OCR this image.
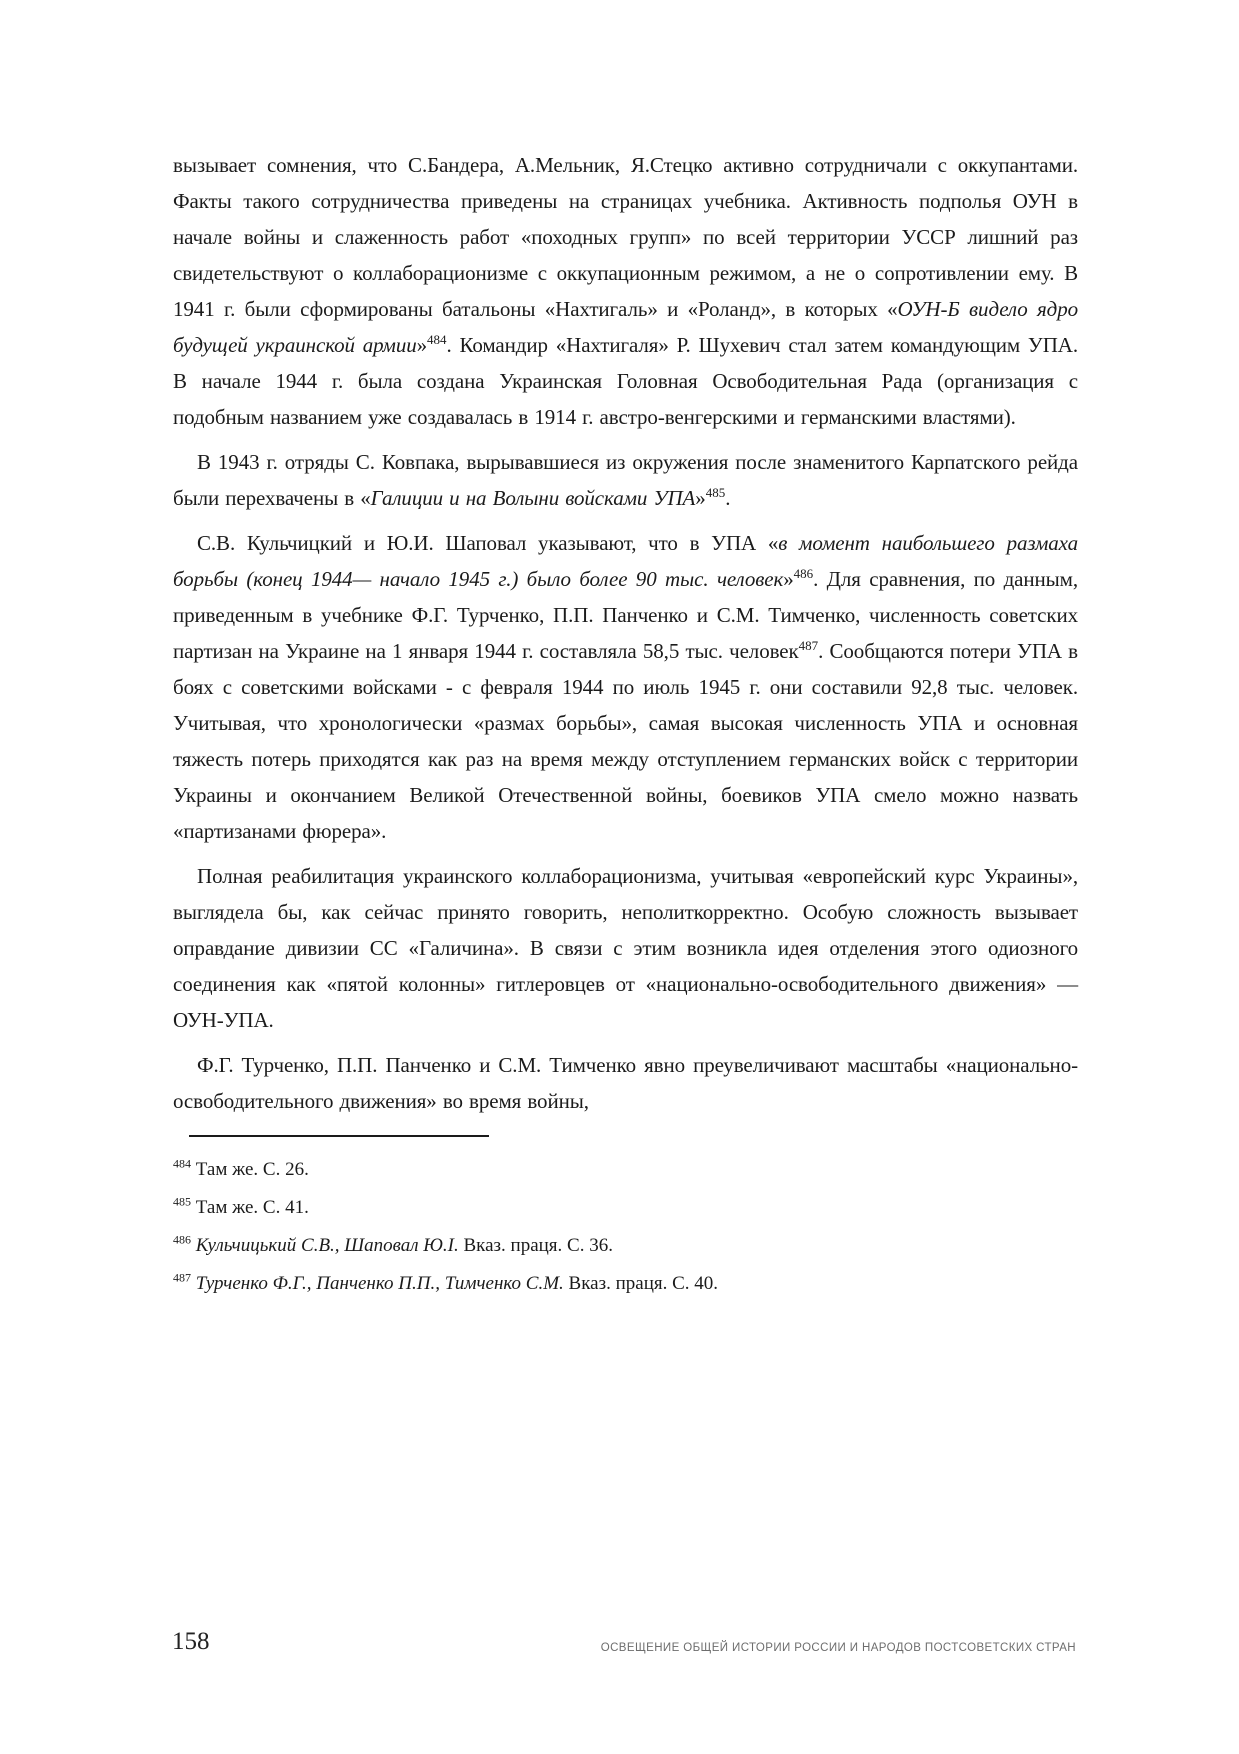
вызывает сомнения, что С.Бандера, А.Мельник, Я.Стецко активно сотрудничали с оккупантами. Факты такого сотрудничества приведены на страницах учебника. Активность подполья ОУН в начале войны и слаженность работ «походных групп» по всей территории УССР лишний раз свидетельствуют о коллаборационизме с оккупационным режимом, а не о сопротивлении ему. В 1941 г. были сформированы батальоны «Нахтигаль» и «Роланд», в которых «ОУН-Б видело ядро будущей украинской армии»$^{484}$. Командир «Нахтигаля» Р. Шухевич стал затем командующим УПА. В начале 1944 г. была создана Украинская Головная Освободительная Рада (организация с подобным названием уже создавалась в 1914 г. австро-венгерскими и германскими властями).

В 1943 г. отряды С. Ковпака, вырывавшиеся из окружения после знаменитого Карпатского рейда были перехвачены в «Галиции и на Волыни войсками УПА»$^{485}$.

С.В. Кульчицкий и Ю.И. Шаповал указывают, что в УПА «в момент наибольшего размаха борьбы (конец 1944— начало 1945 г.) было более 90 тыс. человек»$^{486}$. Для сравнения, по данным, приведенным в учебнике Ф.Г. Турченко, П.П. Панченко и С.М. Тимченко, численность советских партизан на Украине на 1 января 1944 г. составляла 58,5 тыс. человек$^{487}$. Сообщаются потери УПА в боях с советскими войсками - с февраля 1944 по июль 1945 г. они составили 92,8 тыс. человек. Учитывая, что хронологически «размах борьбы», самая высокая численность УПА и основная тяжесть потерь приходятся как раз на время между отступлением германских войск с территории Украины и окончанием Великой Отечественной войны, боевиков УПА смело можно назвать «партизанами фюрера».

Полная реабилитация украинского коллаборационизма, учитывая «европейский курс Украины», выглядела бы, как сейчас принято говорить, неполиткорректно. Особую сложность вызывает оправдание дивизии СС «Галичина». В связи с этим возникла идея отделения этого одиозного соединения как «пятой колонны» гитлеровцев от «национально-освободительного движения» — ОУН-УПА.

Ф.Г. Турченко, П.П. Панченко и С.М. Тимченко явно преувеличивают масштабы «национально-освободительного движения» во время войны,

$^{484}$ Там же. С. 26.

$^{485}$ Там же. С. 41.

$^{486}$ Кульчицький С.В., Шаповал Ю.І. Вказ. праця. С. 36.

$^{487}$ Турченко Ф.Г., Панченко П.П., Тимченко С.М. Вказ. праця. С. 40.

158	ОСВЕЩЕНИЕ ОБЩЕЙ ИСТОРИИ РОССИИ И НАРОДОВ ПОСТСОВЕТСКИХ СТРАН
